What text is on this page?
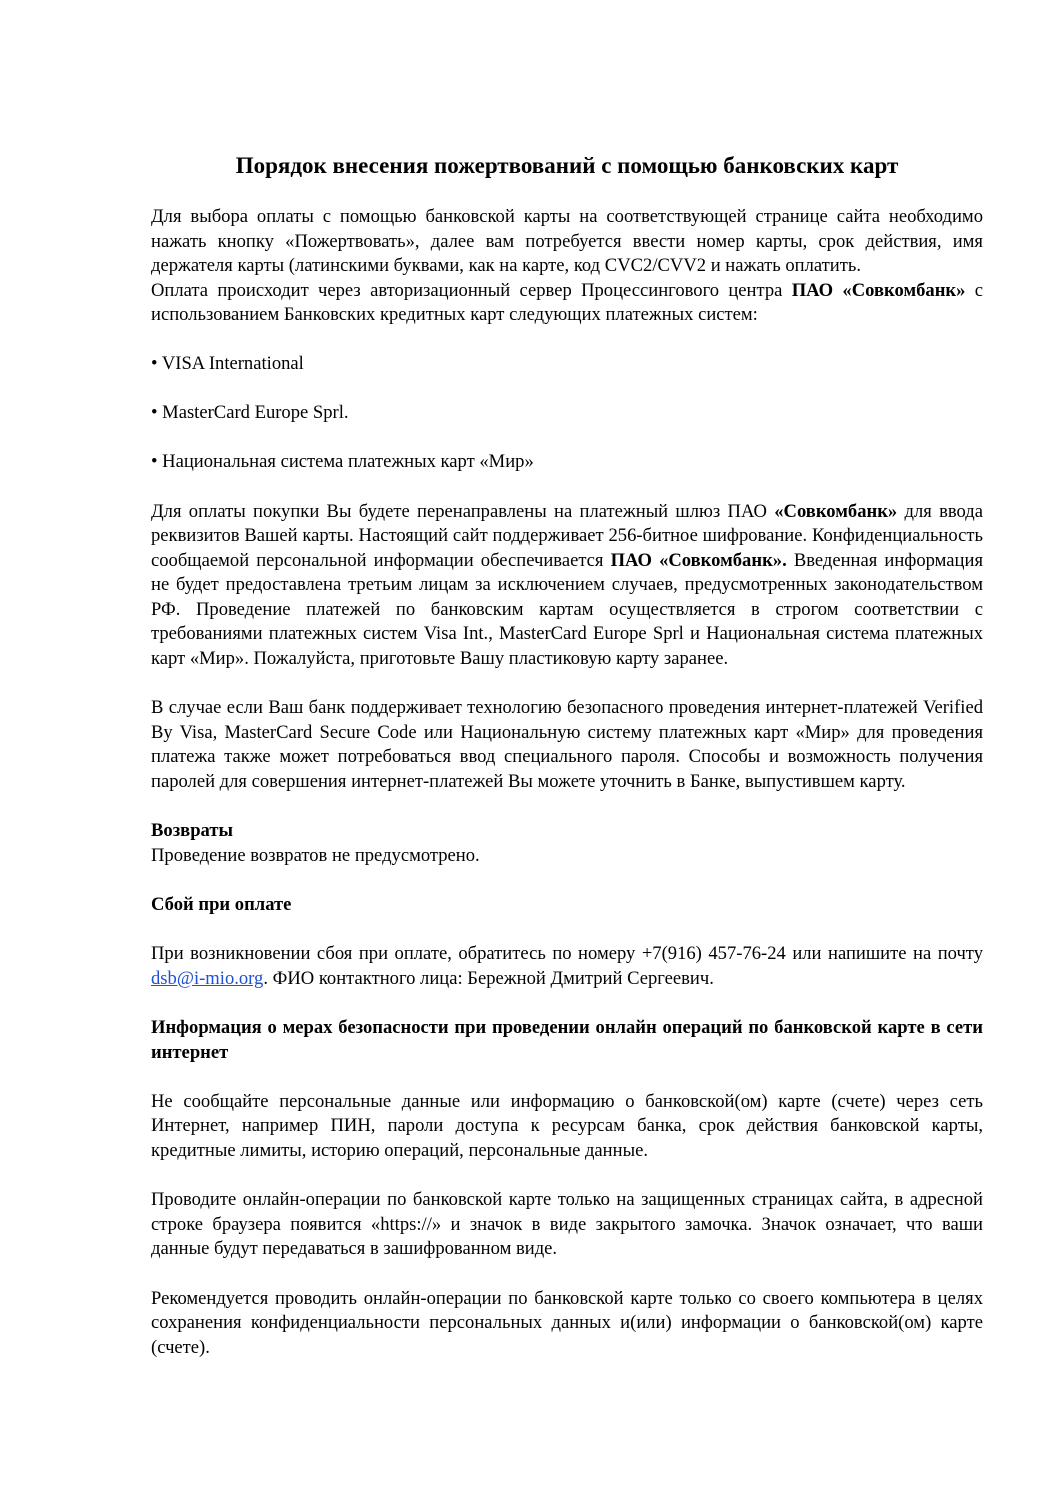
Порядок внесения пожертвований с помощью банковских карт

Для выбора оплаты с помощью банковской карты на соответствующей странице сайта необходимо нажать кнопку «Пожертвовать», далее вам потребуется ввести номер карты, срок действия, имя держателя карты (латинскими буквами, как на карте, код CVC2/CVV2 и нажать оплатить.

Оплата происходит через авторизационный сервер Процессингового центра ПАО «Совкомбанк» с использованием Банковских кредитных карт следующих платежных систем:

• VISA International

• MasterCard Europe Sprl.

• Национальная система платежных карт «Мир»

Для оплаты покупки Вы будете перенаправлены на платежный шлюз ПАО «Совкомбанк» для ввода реквизитов Вашей карты. Настоящий сайт поддерживает 256-битное шифрование. Конфиденциальность сообщаемой персональной информации обеспечивается ПАО «Совкомбанк». Введенная информация не будет предоставлена третьим лицам за исключением случаев, предусмотренных законодательством РФ. Проведение платежей по банковским картам осуществляется в строгом соответствии с требованиями платежных систем Visa Int., MasterCard Europe Sprl и Национальная система платежных карт «Мир». Пожалуйста, приготовьте Вашу пластиковую карту заранее.

В случае если Ваш банк поддерживает технологию безопасного проведения интернет-платежей Verified By Visa, MasterCard Secure Code или Национальную систему платежных карт «Мир» для проведения платежа также может потребоваться ввод специального пароля. Способы и возможность получения паролей для совершения интернет-платежей Вы можете уточнить в Банке, выпустившем карту.

Возвраты

Проведение возвратов не предусмотрено.

Сбой при оплате

При возникновении сбоя при оплате, обратитесь по номеру +7(916) 457-76-24 или напишите на почту dsb@i-mio.org. ФИО контактного лица: Бережной Дмитрий Сергеевич.

Информация о мерах безопасности при проведении онлайн операций по банковской карте в сети интернет

Не сообщайте персональные данные или информацию о банковской(ом) карте (счете) через сеть Интернет, например ПИН, пароли доступа к ресурсам банка, срок действия банковской карты, кредитные лимиты, историю операций, персональные данные.

Проводите онлайн-операции по банковской карте только на защищенных страницах сайта, в адресной строке браузера появится «https://» и значок в виде закрытого замочка. Значок означает, что ваши данные будут передаваться в зашифрованном виде.

Рекомендуется проводить онлайн-операции по банковской карте только со своего компьютера в целях сохранения конфиденциальности персональных данных и(или) информации о банковской(ом) карте (счете).
